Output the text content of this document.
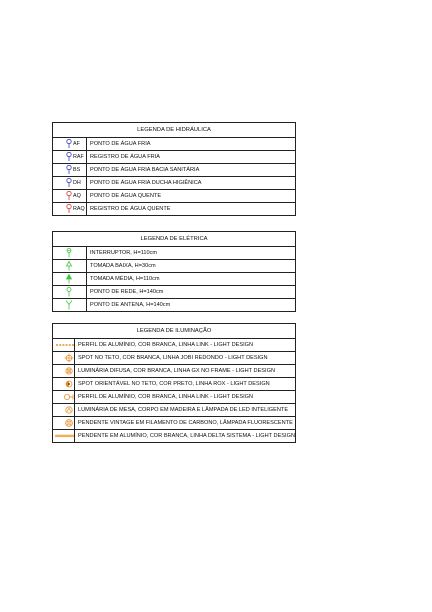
LEGENDA DE HIDRÁULICA	

AF	PONTO DE ÁGUA FRIA

RAF	REGISTRO DE ÁGUA FRIA

BS	PONTO DE ÁGUA FRIA BACIA SANITÁRIA

DH	PONTO DE ÁGUA FRIA DUCHA HIGIÊNICA

AQ	PONTO DE ÁGUA QUENTE

RAQ	REGISTRO DE ÁGUA QUENTE
LEGENDA DE ELÉTRICA	

	INTERRUPTOR, H=110cm

	TOMADA BAIXA, H=30cm

	TOMADA MÉDIA, H=110cm

	PONTO DE REDE, H=140cm

	PONTO DE ANTENA, H=140cm
LEGENDA DE ILUMINAÇÃO	

	PERFIL DE ALUMÍNIO, COR BRANCA, LINHA LINK - LIGHT DESIGN

	SPOT NO TETO, COR BRANCA, LINHA JOBI REDONDO - LIGHT DESIGN

	LUMINÁRIA DIFUSA, COR BRANCA, LINHA GX NO FRAME - LIGHT DESIGN

	SPOT ORIENTÁVEL NO TETO, COR PRETO, LINHA ROX - LIGHT DESIGN

	PERFIL DE ALUMÍNIO, COR BRANCA, LINHA LINK - LIGHT DESIGN

	LUMINÁRIA DE MESA, CORPO EM MADEIRA E LÂMPADA DE LED INTELIGENTE

	PENDENTE VINTAGE EM FILAMENTO DE CARBONO, LÂMPADA FLUORESCENTE

	PENDENTE EM ALUMÍNIO, COR BRANCA, LINHA DELTA SISTEMA - LIGHT DESIGN
